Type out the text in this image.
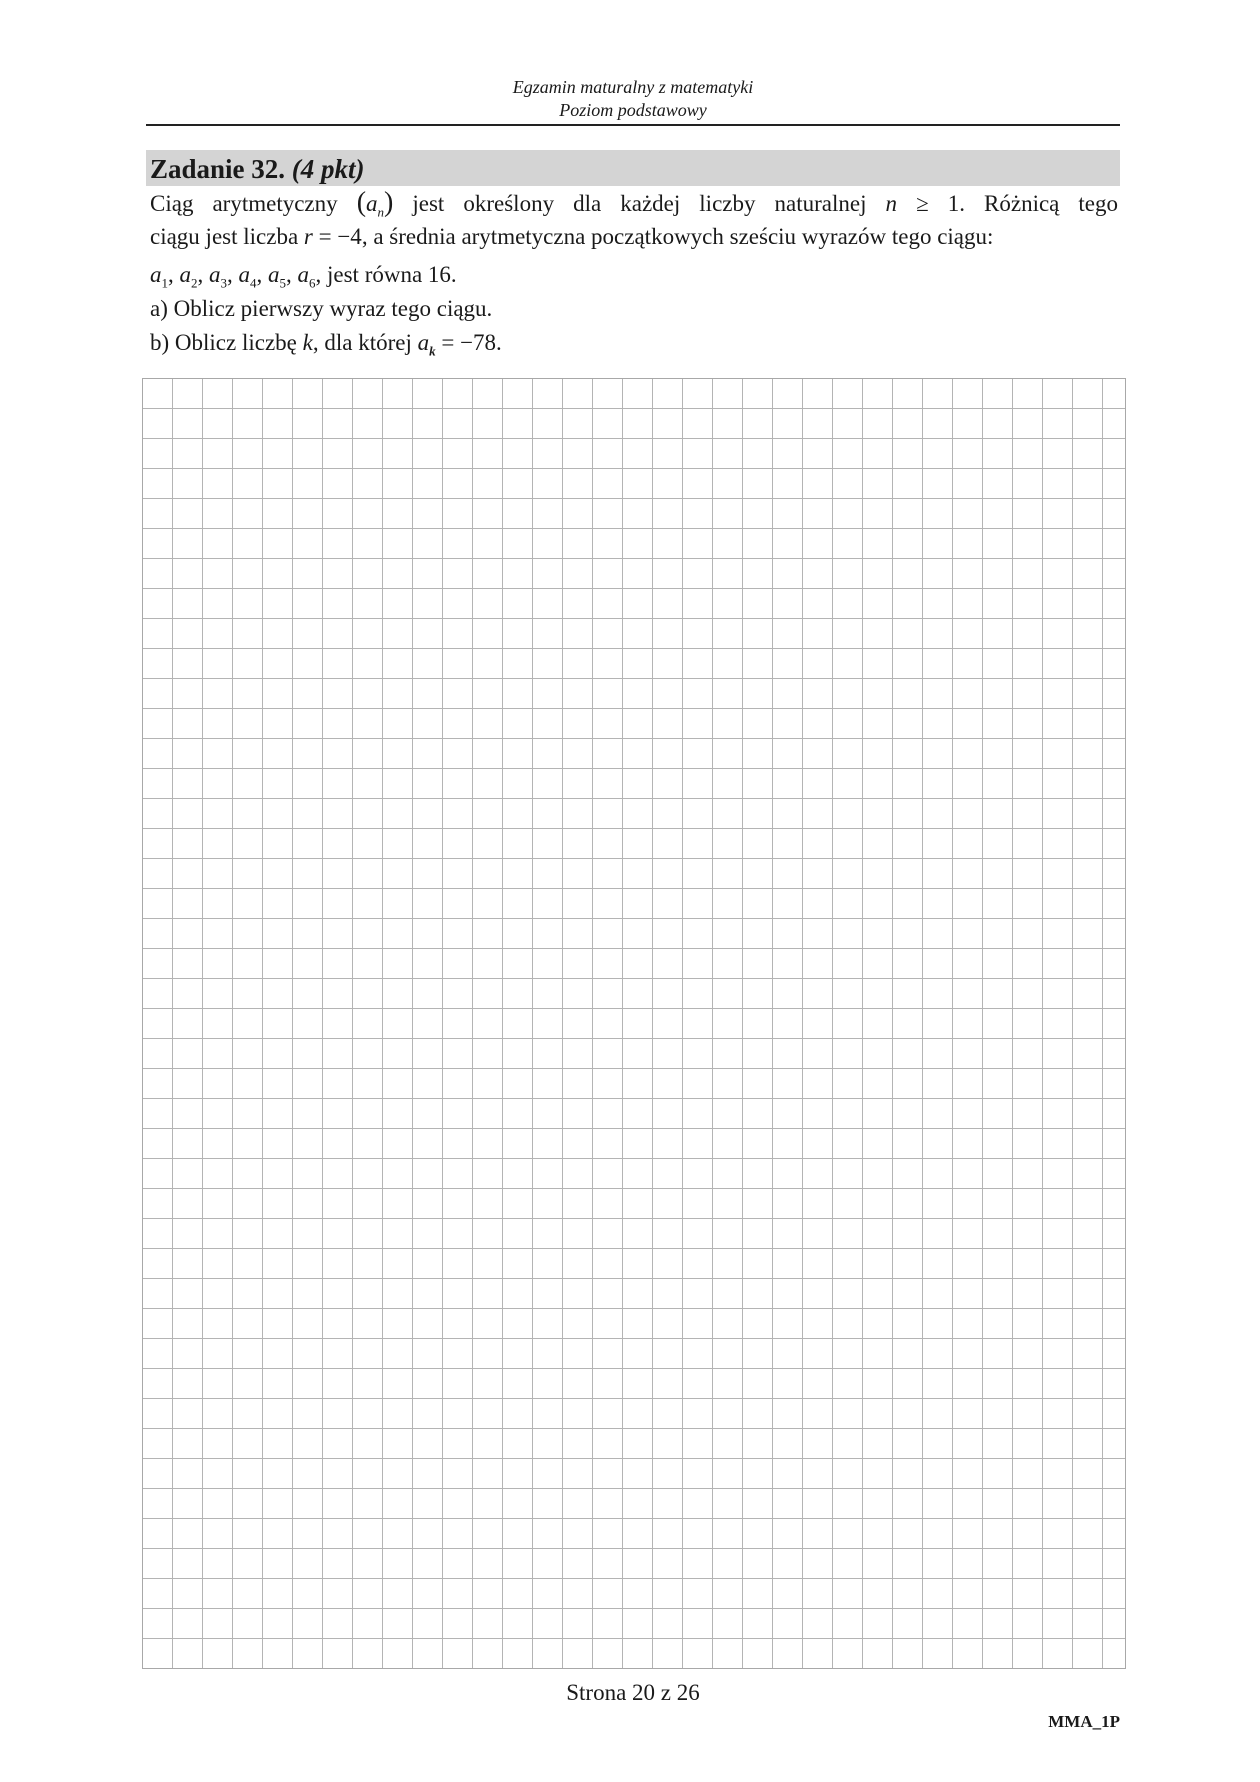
Egzamin maturalny z matematyki
Poziom podstawowy
Zadanie 32. (4 pkt)
Ciąg arytmetyczny $(a_n)$ jest określony dla każdej liczby naturalnej n ≥ 1. Różnicą tego
ciągu jest liczba r = −4, a średnia arytmetyczna początkowych sześciu wyrazów tego ciągu:
$a_1$, $a_2$, $a_3$, $a_4$, $a_5$, $a_6$, jest równa 16.
a) Oblicz pierwszy wyraz tego ciągu.
b) Oblicz liczbę k, dla której $a_k = -78$.
Strona 20 z 26
MMA_1P
